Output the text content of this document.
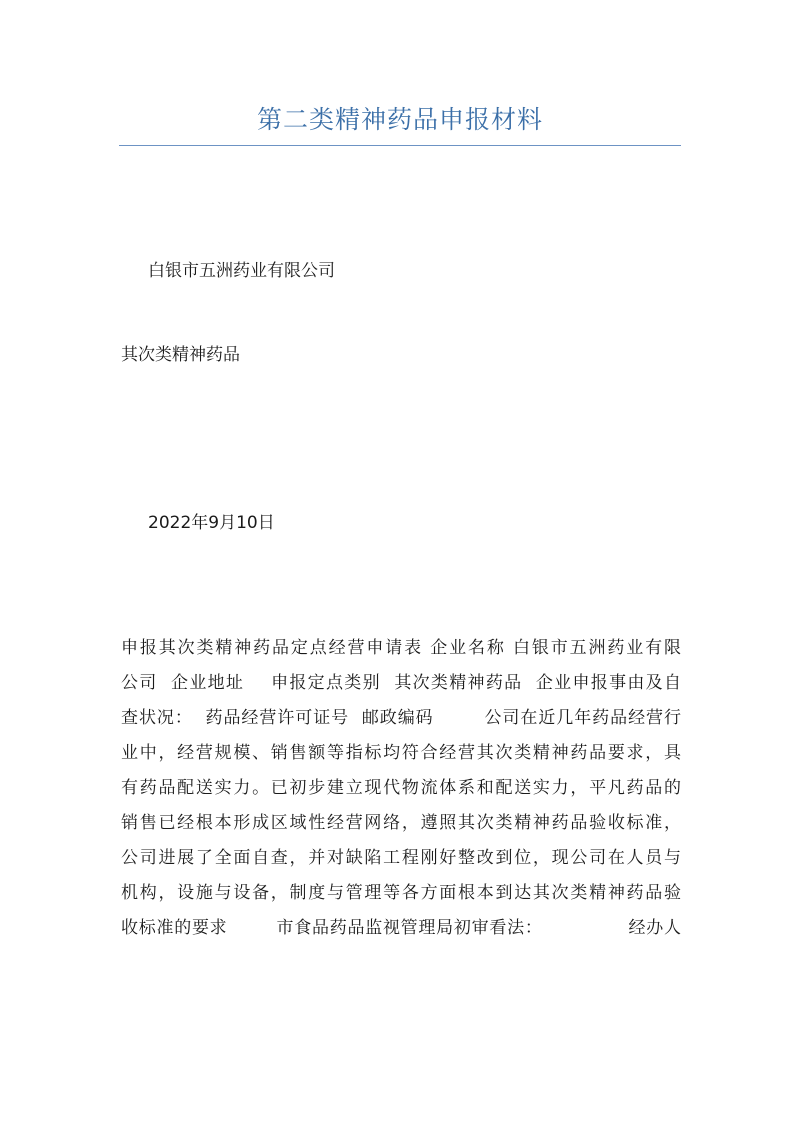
第二类精神药品申报材料
白银市五洲药业有限公司
其次类精神药品
2022年9月10日
申报其次类精神药品定点经营申请表 企业名称 白银市五洲药业有限
公司  企业地址    申报定点类别  其次类精神药品  企业申报事由及自
查状况：  药品经营许可证号  邮政编码        公司在近几年药品经营行
业中，经营规模、销售额等指标均符合经营其次类精神药品要求，具
有药品配送实力。已初步建立现代物流体系和配送实力，平凡药品的
销售已经根本形成区域性经营网络，遵照其次类精神药品验收标准，
公司进展了全面自查，并对缺陷工程刚好整改到位，现公司在人员与
机构，设施与设备，制度与管理等各方面根本到达其次类精神药品验
收标准的要求        市食品药品监视管理局初审看法：              经办人
